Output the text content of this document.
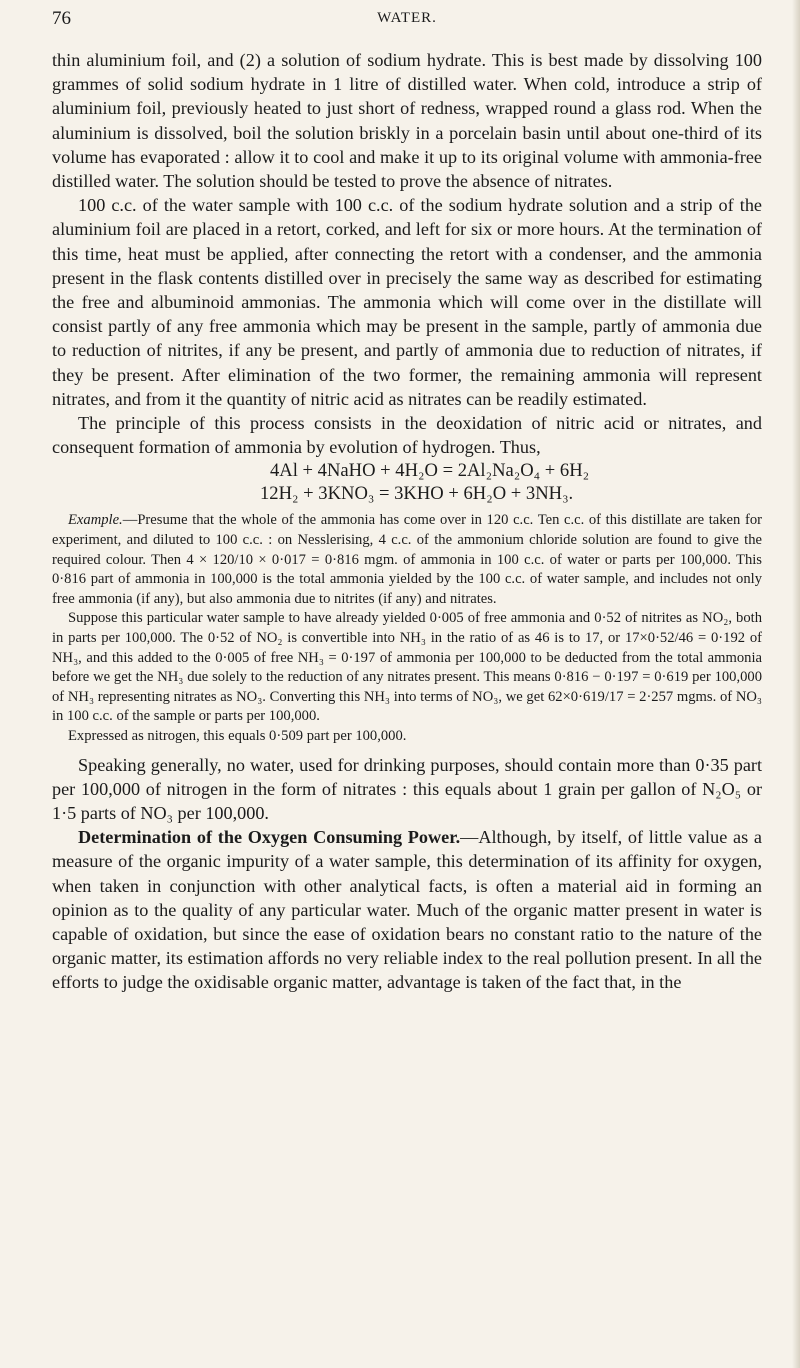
76	WATER.

thin aluminium foil, and (2) a solution of sodium hydrate. This is best made by dissolving 100 grammes of solid sodium hydrate in 1 litre of distilled water. When cold, introduce a strip of aluminium foil, previously heated to just short of redness, wrapped round a glass rod. When the aluminium is dissolved, boil the solution briskly in a porcelain basin until about one-third of its volume has evaporated : allow it to cool and make it up to its original volume with ammonia-free distilled water. The solution should be tested to prove the absence of nitrates.

100 c.c. of the water sample with 100 c.c. of the sodium hydrate solution and a strip of the aluminium foil are placed in a retort, corked, and left for six or more hours. At the termination of this time, heat must be applied, after connecting the retort with a condenser, and the ammonia present in the flask contents distilled over in precisely the same way as described for estimating the free and albuminoid ammonias. The ammonia which will come over in the distillate will consist partly of any free ammonia which may be present in the sample, partly of ammonia due to reduction of nitrites, if any be present, and partly of ammonia due to reduction of nitrates, if they be present. After elimination of the two former, the remaining ammonia will represent nitrates, and from it the quantity of nitric acid as nitrates can be readily estimated.

The principle of this process consists in the deoxidation of nitric acid or nitrates, and consequent formation of ammonia by evolution of hydrogen. Thus,

4Al + 4NaHO + 4H₂O = 2Al₂Na₂O₄ + 6H₂

12H₂ + 3KNO₃ = 3KHO + 6H₂O + 3NH₃.

Example.—Presume that the whole of the ammonia has come over in 120 c.c. Ten c.c. of this distillate are taken for experiment, and diluted to 100 c.c. : on Nesslerising, 4 c.c. of the ammonium chloride solution are found to give the required colour. Then 4 × 120/10 × 0·017 = 0·816 mgm. of ammonia in 100 c.c. of water or parts per 100,000. This 0·816 part of ammonia in 100,000 is the total ammonia yielded by the 100 c.c. of water sample, and includes not only free ammonia (if any), but also ammonia due to nitrites (if any) and nitrates.

Suppose this particular water sample to have already yielded 0·005 of free ammonia and 0·52 of nitrites as NO₂, both in parts per 100,000. The 0·52 of NO₂ is convertible into NH₃ in the ratio of as 46 is to 17, or 17×0·52/46 = 0·192 of NH₃, and this added to the 0·005 of free NH₃ = 0·197 of ammonia per 100,000 to be deducted from the total ammonia before we get the NH₃ due solely to the reduction of any nitrates present. This means 0·816 − 0·197 = 0·619 per 100,000 of NH₃ representing nitrates as NO₃. Converting this NH₃ into terms of NO₃, we get 62×0·619/17 = 2·257 mgms. of NO₃ in 100 c.c. of the sample or parts per 100,000.

Expressed as nitrogen, this equals 0·509 part per 100,000.

Speaking generally, no water, used for drinking purposes, should contain more than 0·35 part per 100,000 of nitrogen in the form of nitrates : this equals about 1 grain per gallon of N₂O₅ or 1·5 parts of NO₃ per 100,000.

Determination of the Oxygen Consuming Power.—Although, by itself, of little value as a measure of the organic impurity of a water sample, this determination of its affinity for oxygen, when taken in conjunction with other analytical facts, is often a material aid in forming an opinion as to the quality of any particular water. Much of the organic matter present in water is capable of oxidation, but since the ease of oxidation bears no constant ratio to the nature of the organic matter, its estimation affords no very reliable index to the real pollution present. In all the efforts to judge the oxidisable organic matter, advantage is taken of the fact that, in the
